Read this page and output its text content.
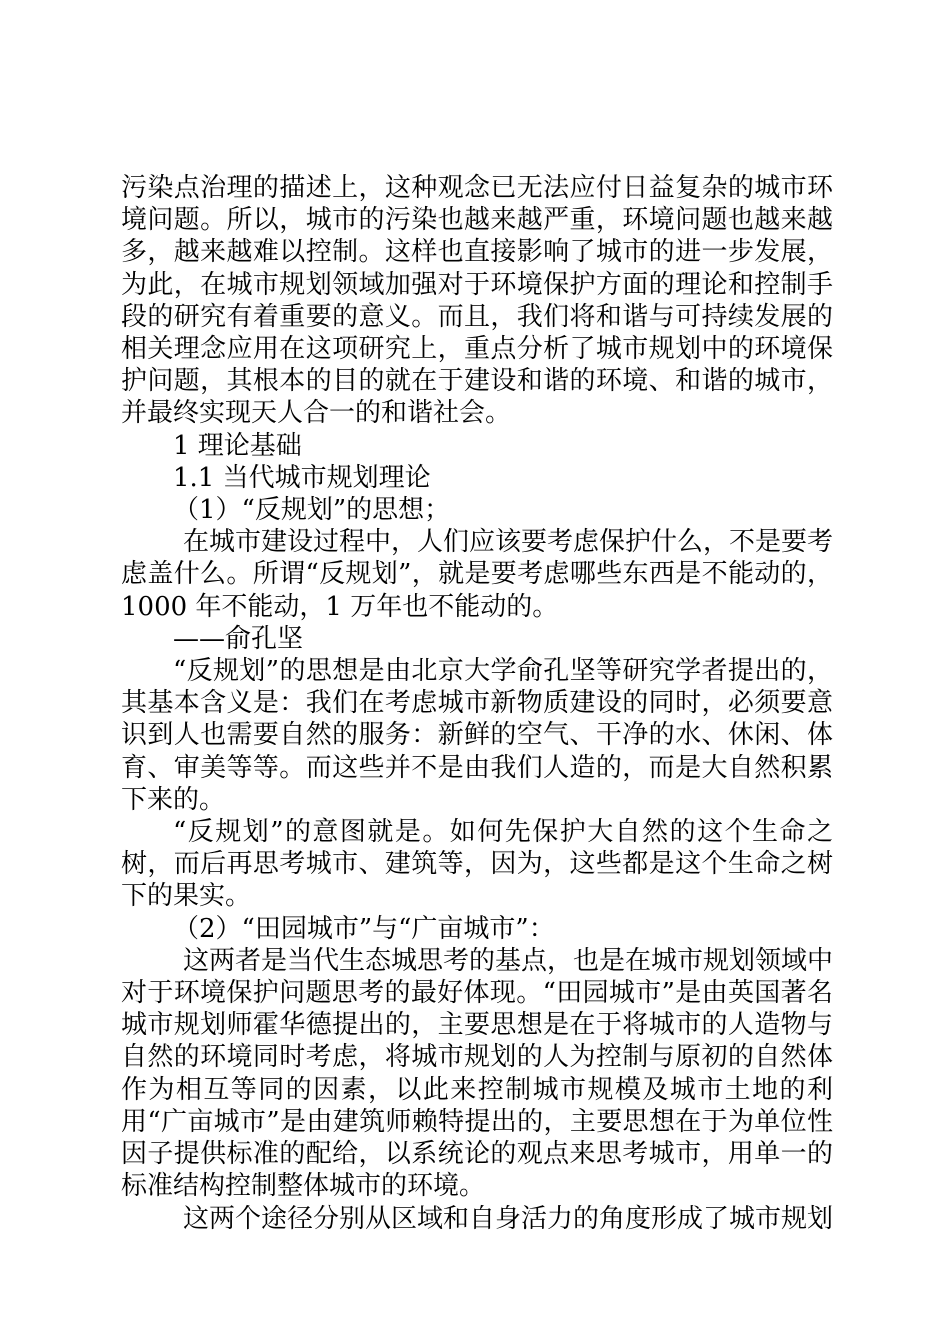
污染点治理的描述上，这种观念已无法应付日益复杂的城市环境问题。所以，城市的污染也越来越严重，环境问题也越来越多，越来越难以控制。这样也直接影响了城市的进一步发展，为此，在城市规划领域加强对于环境保护方面的理论和控制手段的研究有着重要的意义。而且，我们将和谐与可持续发展的相关理念应用在这项研究上，重点分析了城市规划中的环境保护问题，其根本的目的就在于建设和谐的环境、和谐的城市，并最终实现天人合一的和谐社会。

1 理论基础

1.1 当代城市规划理论

（1）“反规划”的思想；

在城市建设过程中，人们应该要考虑保护什么，不是要考虑盖什么。所谓“反规划”，就是要考虑哪些东西是不能动的，1000 年不能动，1 万年也不能动的。

——俞孔坚

“反规划”的思想是由北京大学俞孔坚等研究学者提出的，其基本含义是：我们在考虑城市新物质建设的同时，必须要意识到人也需要自然的服务：新鲜的空气、干净的水、休闲、体育、审美等等。而这些并不是由我们人造的，而是大自然积累下来的。

“反规划”的意图就是。如何先保护大自然的这个生命之树，而后再思考城市、建筑等，因为，这些都是这个生命之树下的果实。

（2）“田园城市”与“广亩城市”：

这两者是当代生态城思考的基点，也是在城市规划领域中对于环境保护问题思考的最好体现。“田园城市”是由英国著名城市规划师霍华德提出的，主要思想是在于将城市的人造物与自然的环境同时考虑，将城市规划的人为控制与原初的自然体作为相互等同的因素，以此来控制城市规模及城市土地的利用“广亩城市”是由建筑师赖特提出的，主要思想在于为单位性因子提供标准的配给，以系统论的观点来思考城市，用单一的标准结构控制整体城市的环境。

这两个途径分别从区域和自身活力的角度形成了城市规划
